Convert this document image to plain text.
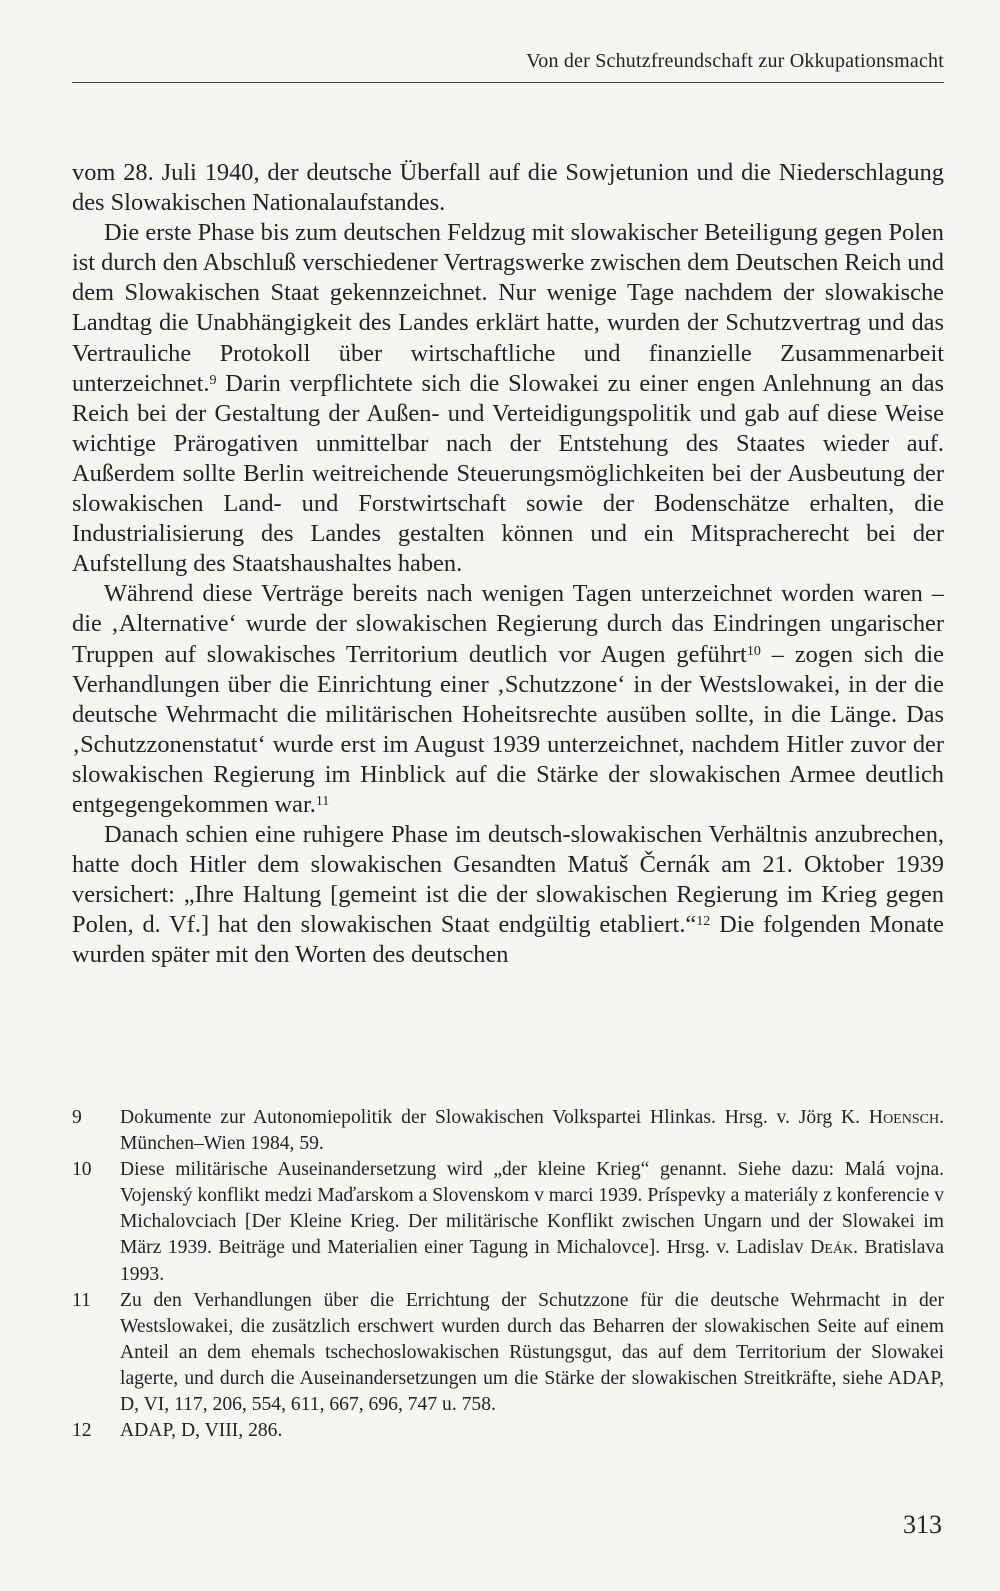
Von der Schutzfreundschaft zur Okkupationsmacht

vom 28. Juli 1940, der deutsche Überfall auf die Sowjetunion und die Niederschlagung des Slowakischen Nationalaufstandes.

Die erste Phase bis zum deutschen Feldzug mit slowakischer Beteiligung gegen Polen ist durch den Abschluß verschiedener Vertragswerke zwischen dem Deutschen Reich und dem Slowakischen Staat gekennzeichnet. Nur wenige Tage nachdem der slowakische Landtag die Unabhängigkeit des Landes erklärt hatte, wurden der Schutzvertrag und das Vertrauliche Protokoll über wirtschaftliche und finanzielle Zusammenarbeit unterzeichnet.$^9$ Darin verpflichtete sich die Slowakei zu einer engen Anlehnung an das Reich bei der Gestaltung der Außen- und Verteidigungspolitik und gab auf diese Weise wichtige Prärogativen unmittelbar nach der Entstehung des Staates wieder auf. Außerdem sollte Berlin weitreichende Steuerungsmöglichkeiten bei der Ausbeutung der slowakischen Land- und Forstwirtschaft sowie der Bodenschätze erhalten, die Industrialisierung des Landes gestalten können und ein Mitspracherecht bei der Aufstellung des Staatshaushaltes haben.

Während diese Verträge bereits nach wenigen Tagen unterzeichnet worden waren – die ‚Alternative‘ wurde der slowakischen Regierung durch das Eindringen ungarischer Truppen auf slowakisches Territorium deutlich vor Augen geführt$^{10}$ – zogen sich die Verhandlungen über die Einrichtung einer ‚Schutzzone‘ in der Westslowakei, in der die deutsche Wehrmacht die militärischen Hoheitsrechte ausüben sollte, in die Länge. Das ‚Schutzzonenstatut‘ wurde erst im August 1939 unterzeichnet, nachdem Hitler zuvor der slowakischen Regierung im Hinblick auf die Stärke der slowakischen Armee deutlich entgegengekommen war.$^{11}$

Danach schien eine ruhigere Phase im deutsch-slowakischen Verhältnis anzubrechen, hatte doch Hitler dem slowakischen Gesandten Matuš Černák am 21. Oktober 1939 versichert: „Ihre Haltung [gemeint ist die der slowakischen Regierung im Krieg gegen Polen, d. Vf.] hat den slowakischen Staat endgültig etabliert.“$^{12}$ Die folgenden Monate wurden später mit den Worten des deutschen

9	Dokumente zur Autonomiepolitik der Slowakischen Volkspartei Hlinkas. Hrsg. v. Jörg K. Hoensch. München–Wien 1984, 59.
10	Diese militärische Auseinandersetzung wird „der kleine Krieg“ genannt. Siehe dazu: Malá vojna. Vojenský konflikt medzi Maďarskom a Slovenskom v marci 1939. Príspevky a materiály z konferencie v Michalovciach [Der Kleine Krieg. Der militärische Konflikt zwischen Ungarn und der Slowakei im März 1939. Beiträge und Materialien einer Tagung in Michalovce]. Hrsg. v. Ladislav Deák. Bratislava 1993.
11	Zu den Verhandlungen über die Errichtung der Schutzzone für die deutsche Wehrmacht in der Westslowakei, die zusätzlich erschwert wurden durch das Beharren der slowakischen Seite auf einem Anteil an dem ehemals tschechoslowakischen Rüstungsgut, das auf dem Territorium der Slowakei lagerte, und durch die Auseinandersetzungen um die Stärke der slowakischen Streitkräfte, siehe ADAP, D, VI, 117, 206, 554, 611, 667, 696, 747 u. 758.
12	ADAP, D, VIII, 286.
313
